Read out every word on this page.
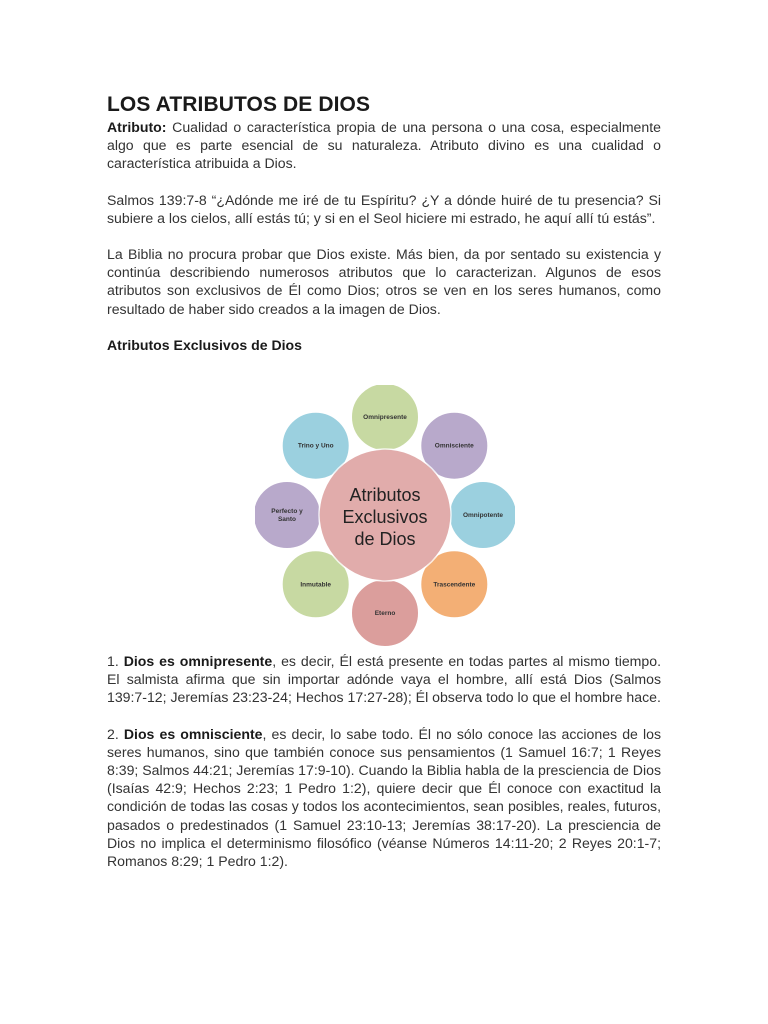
LOS ATRIBUTOS DE DIOS

Atributo: Cualidad o característica propia de una persona o una cosa, especialmente algo que es parte esencial de su naturaleza. Atributo divino es una cualidad o característica atribuida a Dios.

Salmos 139:7-8 “¿Adónde me iré de tu Espíritu? ¿Y a dónde huiré de tu presencia? Si subiere a los cielos, allí estás tú; y si en el Seol hiciere mi estrado, he aquí allí tú estás”.

La Biblia no procura probar que Dios existe. Más bien, da por sentado su existencia y continúa describiendo numerosos atributos que lo caracterizan. Algunos de esos atributos son exclusivos de Él como Dios; otros se ven en los seres humanos, como resultado de haber sido creados a la imagen de Dios.

Atributos Exclusivos de Dios

Omnipresente
Omnisciente
Omnipotente
Trascendente
Eterno
Inmutable
Perfecto y Santo
Trino y Uno
Atributos Exclusivos de Dios

1. Dios es omnipresente, es decir, Él está presente en todas partes al mismo tiempo. El salmista afirma que sin importar adónde vaya el hombre, allí está Dios (Salmos 139:7-12; Jeremías 23:23-24; Hechos 17:27-28); Él observa todo lo que el hombre hace.

2. Dios es omnisciente, es decir, lo sabe todo. Él no sólo conoce las acciones de los seres humanos, sino que también conoce sus pensamientos (1 Samuel 16:7; 1 Reyes 8:39; Salmos 44:21; Jeremías 17:9-10). Cuando la Biblia habla de la presciencia de Dios (Isaías 42:9; Hechos 2:23; 1 Pedro 1:2), quiere decir que Él conoce con exactitud la condición de todas las cosas y todos los acontecimientos, sean posibles, reales, futuros, pasados o predestinados (1 Samuel 23:10-13; Jeremías 38:17-20). La presciencia de Dios no implica el determinismo filosófico (véanse Números 14:11-20; 2 Reyes 20:1-7; Romanos 8:29; 1 Pedro 1:2).
